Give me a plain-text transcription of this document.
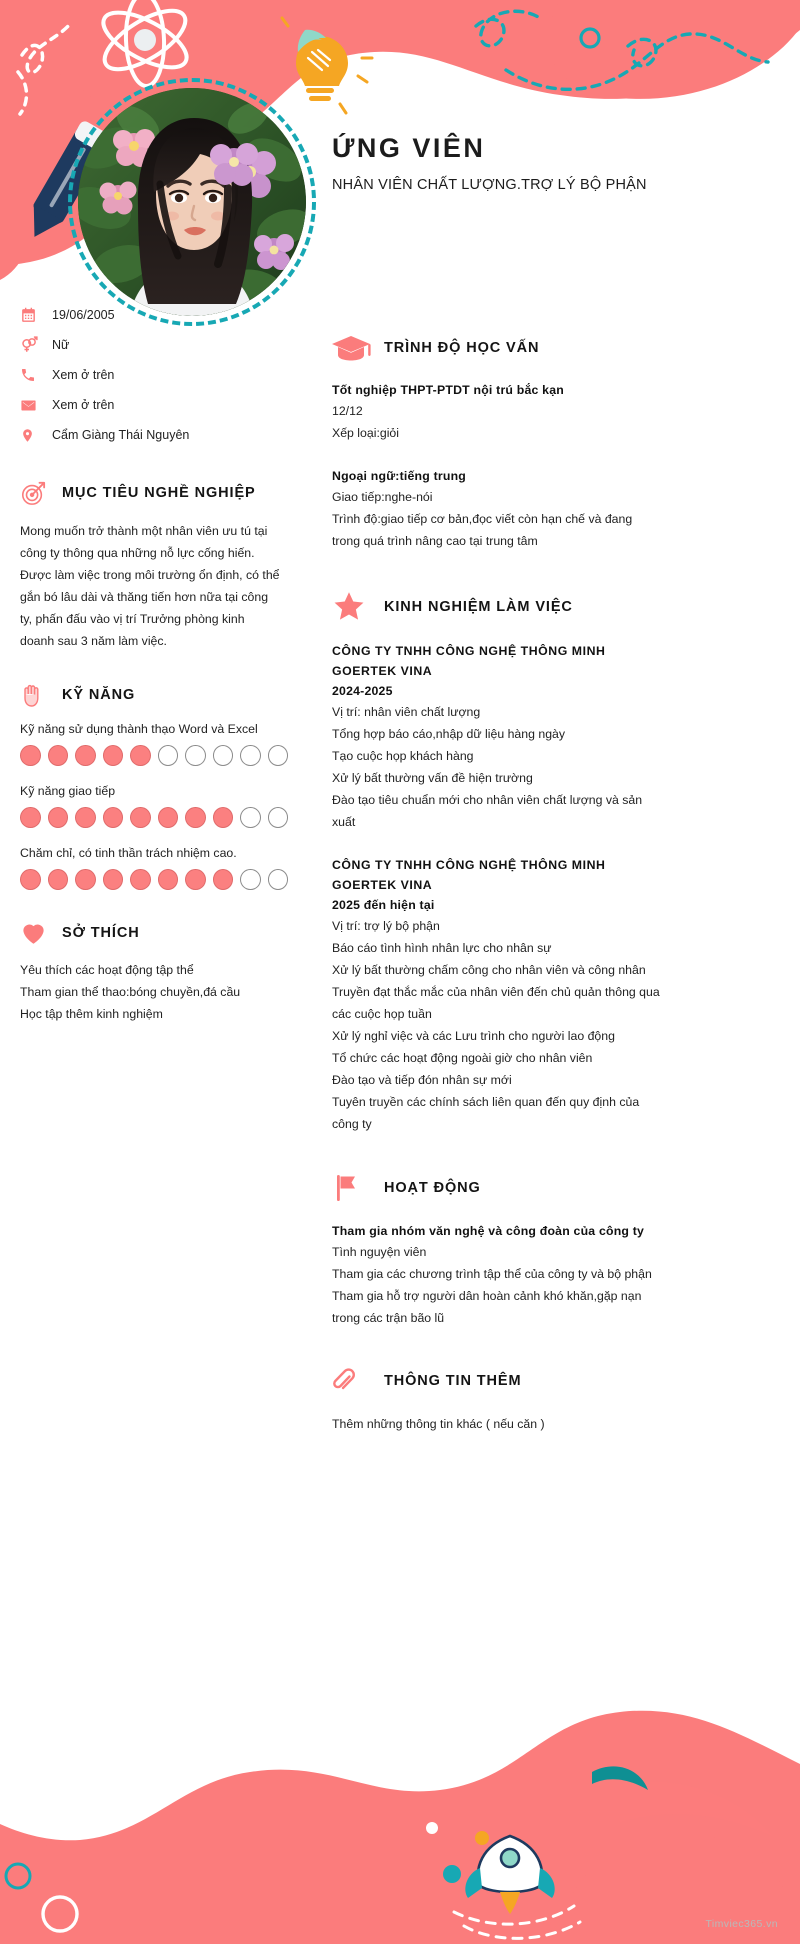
ỨNG VIÊN
NHÂN VIÊN CHẤT LƯỢNG.TRỢ LÝ BỘ PHẬN
19/06/2005
Nữ
Xem ở trên
Xem ở trên
Cẩm Giàng Thái Nguyên
MỤC TIÊU NGHỀ NGHIỆP
Mong muốn trở thành một nhân viên ưu tú tại
công ty thông qua những nỗ lực cống hiến.
Được làm việc trong môi trường ổn định, có thể
gắn bó lâu dài và thăng tiến hơn nữa tại công
ty, phấn đấu vào vị trí Trưởng phòng kinh
doanh sau 3 năm làm việc.
KỸ NĂNG
Kỹ năng sử dụng thành thạo Word và Excel
Kỹ năng giao tiếp
Chăm chỉ, có tinh thần trách nhiệm cao.
SỞ THÍCH
Yêu thích các hoạt động tập thể
Tham gian thể thao:bóng chuyền,đá cầu
Học tập thêm kinh nghiệm
TRÌNH ĐỘ HỌC VẤN
Tốt nghiệp THPT-PTDT nội trú bắc kạn
12/12
Xếp loại:giỏi
Ngoại ngữ:tiếng trung
Giao tiếp:nghe-nói
Trình độ:giao tiếp cơ bản,đọc viết còn hạn chế và đang
trong quá trình nâng cao tại trung tâm
KINH NGHIỆM LÀM VIỆC
CÔNG TY TNHH CÔNG NGHỆ THÔNG MINH GOERTEK VINA
2024-2025
Vị trí: nhân viên chất lượng
Tổng hợp báo cáo,nhập dữ liệu hàng ngày
Tạo cuộc họp khách hàng
Xử lý bất thường vấn đề hiện trường
Đào tạo tiêu chuẩn mới cho nhân viên chất lượng và sản xuất
CÔNG TY TNHH CÔNG NGHỆ THÔNG MINH GOERTEK VINA
2025 đến hiện tại
Vị trí: trợ lý bộ phận
Báo cáo tình hình nhân lực cho nhân sự
Xử lý bất thường chấm công cho nhân viên và công nhân
Truyền đạt thắc mắc của nhân viên đến chủ quản thông qua các cuộc họp tuần
Xử lý nghỉ việc và các Lưu trình cho người lao động
Tổ chức các hoạt động ngoài giờ cho nhân viên
Đào tạo và tiếp đón nhân sự mới
Tuyên truyền các chính sách liên quan đến quy định của công ty
HOẠT ĐỘNG
Tham gia nhóm văn nghệ và công đoàn của công ty
Tình nguyện viên
Tham gia các chương trình tập thể của công ty và bộ phận
Tham gia hỗ trợ người dân hoàn cảnh khó khăn,gặp nạn trong các trận bão lũ
THÔNG TIN THÊM
Thêm những thông tin khác ( nếu căn )
Timviec365.vn
